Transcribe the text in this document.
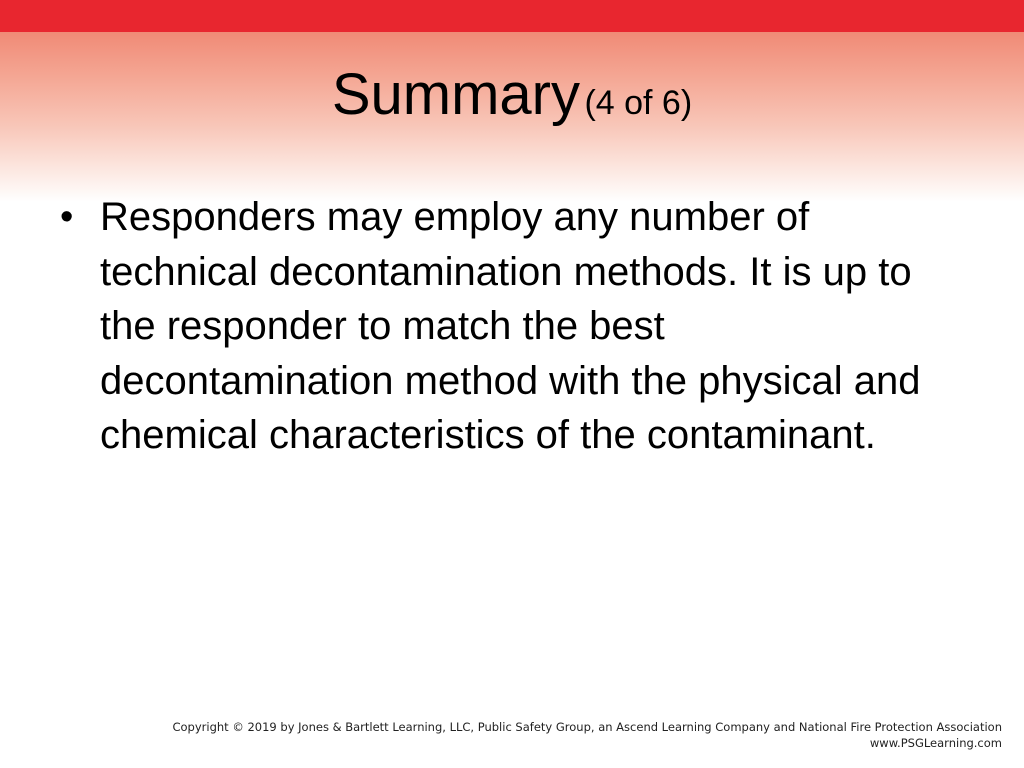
Summary (4 of 6)
• Responders may employ any number of technical decontamination methods. It is up to the responder to match the best decontamination method with the physical and chemical characteristics of the contaminant.
Copyright © 2019 by Jones & Bartlett Learning, LLC, Public Safety Group, an Ascend Learning Company and National Fire Protection Association
www.PSGLearning.com
